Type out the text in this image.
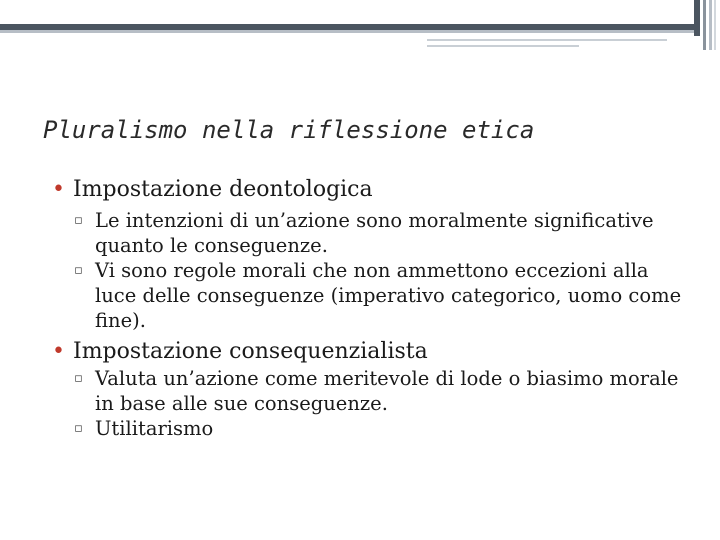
Pluralismo nella riflessione etica

• Impostazione deontologica

▫ Le intenzioni di un’azione sono moralmente significative quanto le conseguenze.

▫ Vi sono regole morali che non ammettono eccezioni alla luce delle conseguenze (imperativo categorico, uomo come fine).

• Impostazione consequenzialista

▫ Valuta un’azione come meritevole di lode o biasimo morale in base alle sue conseguenze.

▫ Utilitarismo
